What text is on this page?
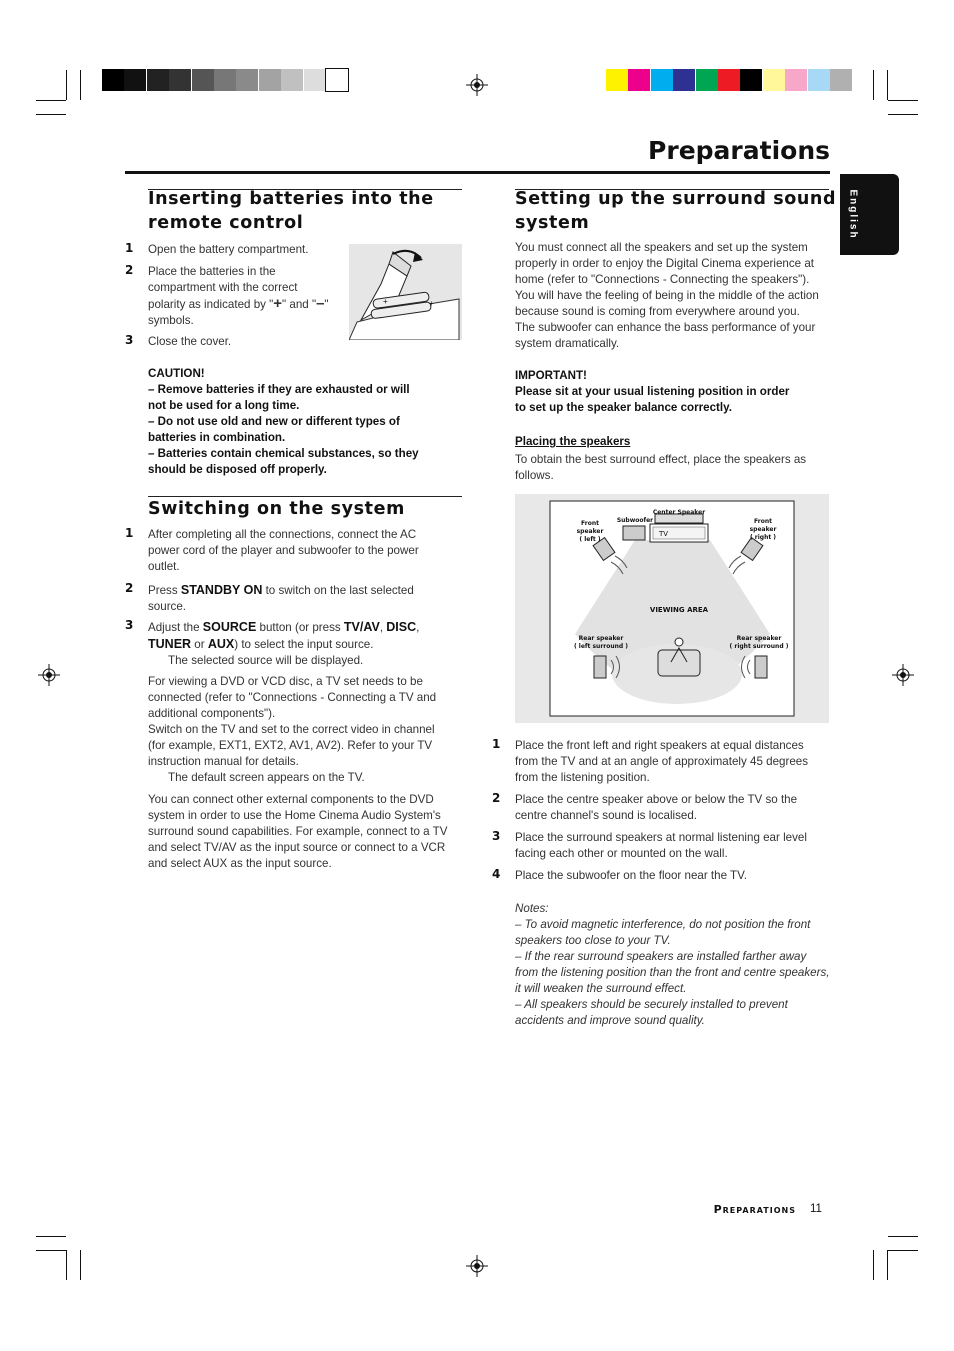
Preparations
English
Inserting batteries into the
remote control
1 Open the battery compartment.
2 Place the batteries in the
compartment with the correct
polarity as indicated by "+" and "–"
symbols.
3 Close the cover.
+	+
CAUTION!
– Remove batteries if they are exhausted or will
not be used for a long time.
– Do not use old and new or different types of
batteries in combination.
– Batteries contain chemical substances, so they
should be disposed off properly.
Switching on the system
1 After completing all the connections, connect the AC
power cord of the player and subwoofer to the power
outlet.
2 Press STANDBY ON to switch on the last selected
source.
3 Adjust the SOURCE button (or press TV/AV, DISC,
TUNER or AUX) to select the input source.
The selected source will be displayed.
For viewing a DVD or VCD disc, a TV set needs to be
connected (refer to "Connections - Connecting a TV and
additional components").
Switch on the TV and set to the correct video in channel
(for example, EXT1, EXT2, AV1, AV2). Refer to your TV
instruction manual for details.
The default screen appears on the TV.
You can connect other external components to the DVD
system in order to use the Home Cinema Audio System's
surround sound capabilities. For example, connect to a TV
and select TV/AV as the input source or connect to a VCR
and select AUX as the input source.
Setting up the surround sound
system
You must connect all the speakers and set up the system
properly in order to enjoy the Digital Cinema experience at
home (refer to "Connections - Connecting the speakers").
You will have the feeling of being in the middle of the action
because sound is coming from everywhere around you.
The subwoofer can enhance the bass performance of your
system dramatically.
IMPORTANT!
Please sit at your usual listening position in order
to set up the speaker balance correctly.
Placing the speakers
To obtain the best surround effect, place the speakers as
follows.
Center Speaker
Subwoofer
TV
Front
speaker
( left )
Front
speaker
( right )
VIEWING AREA
Rear speaker
( left surround )
Rear speaker
( right surround )
1 Place the front left and right speakers at equal distances
from the TV and at an angle of approximately 45 degrees
from the listening position.
2 Place the centre speaker above or below the TV so the
centre channel's sound is localised.
3 Place the surround speakers at normal listening ear level
facing each other or mounted on the wall.
4 Place the subwoofer on the floor near the TV.
Notes:
– To avoid magnetic interference, do not position the front
speakers too close to your TV.
– If the rear surround speakers are installed farther away
from the listening position than the front and centre speakers,
it will weaken the surround effect.
– All speakers should be securely installed to prevent
accidents and improve sound quality.
Preparations 11
